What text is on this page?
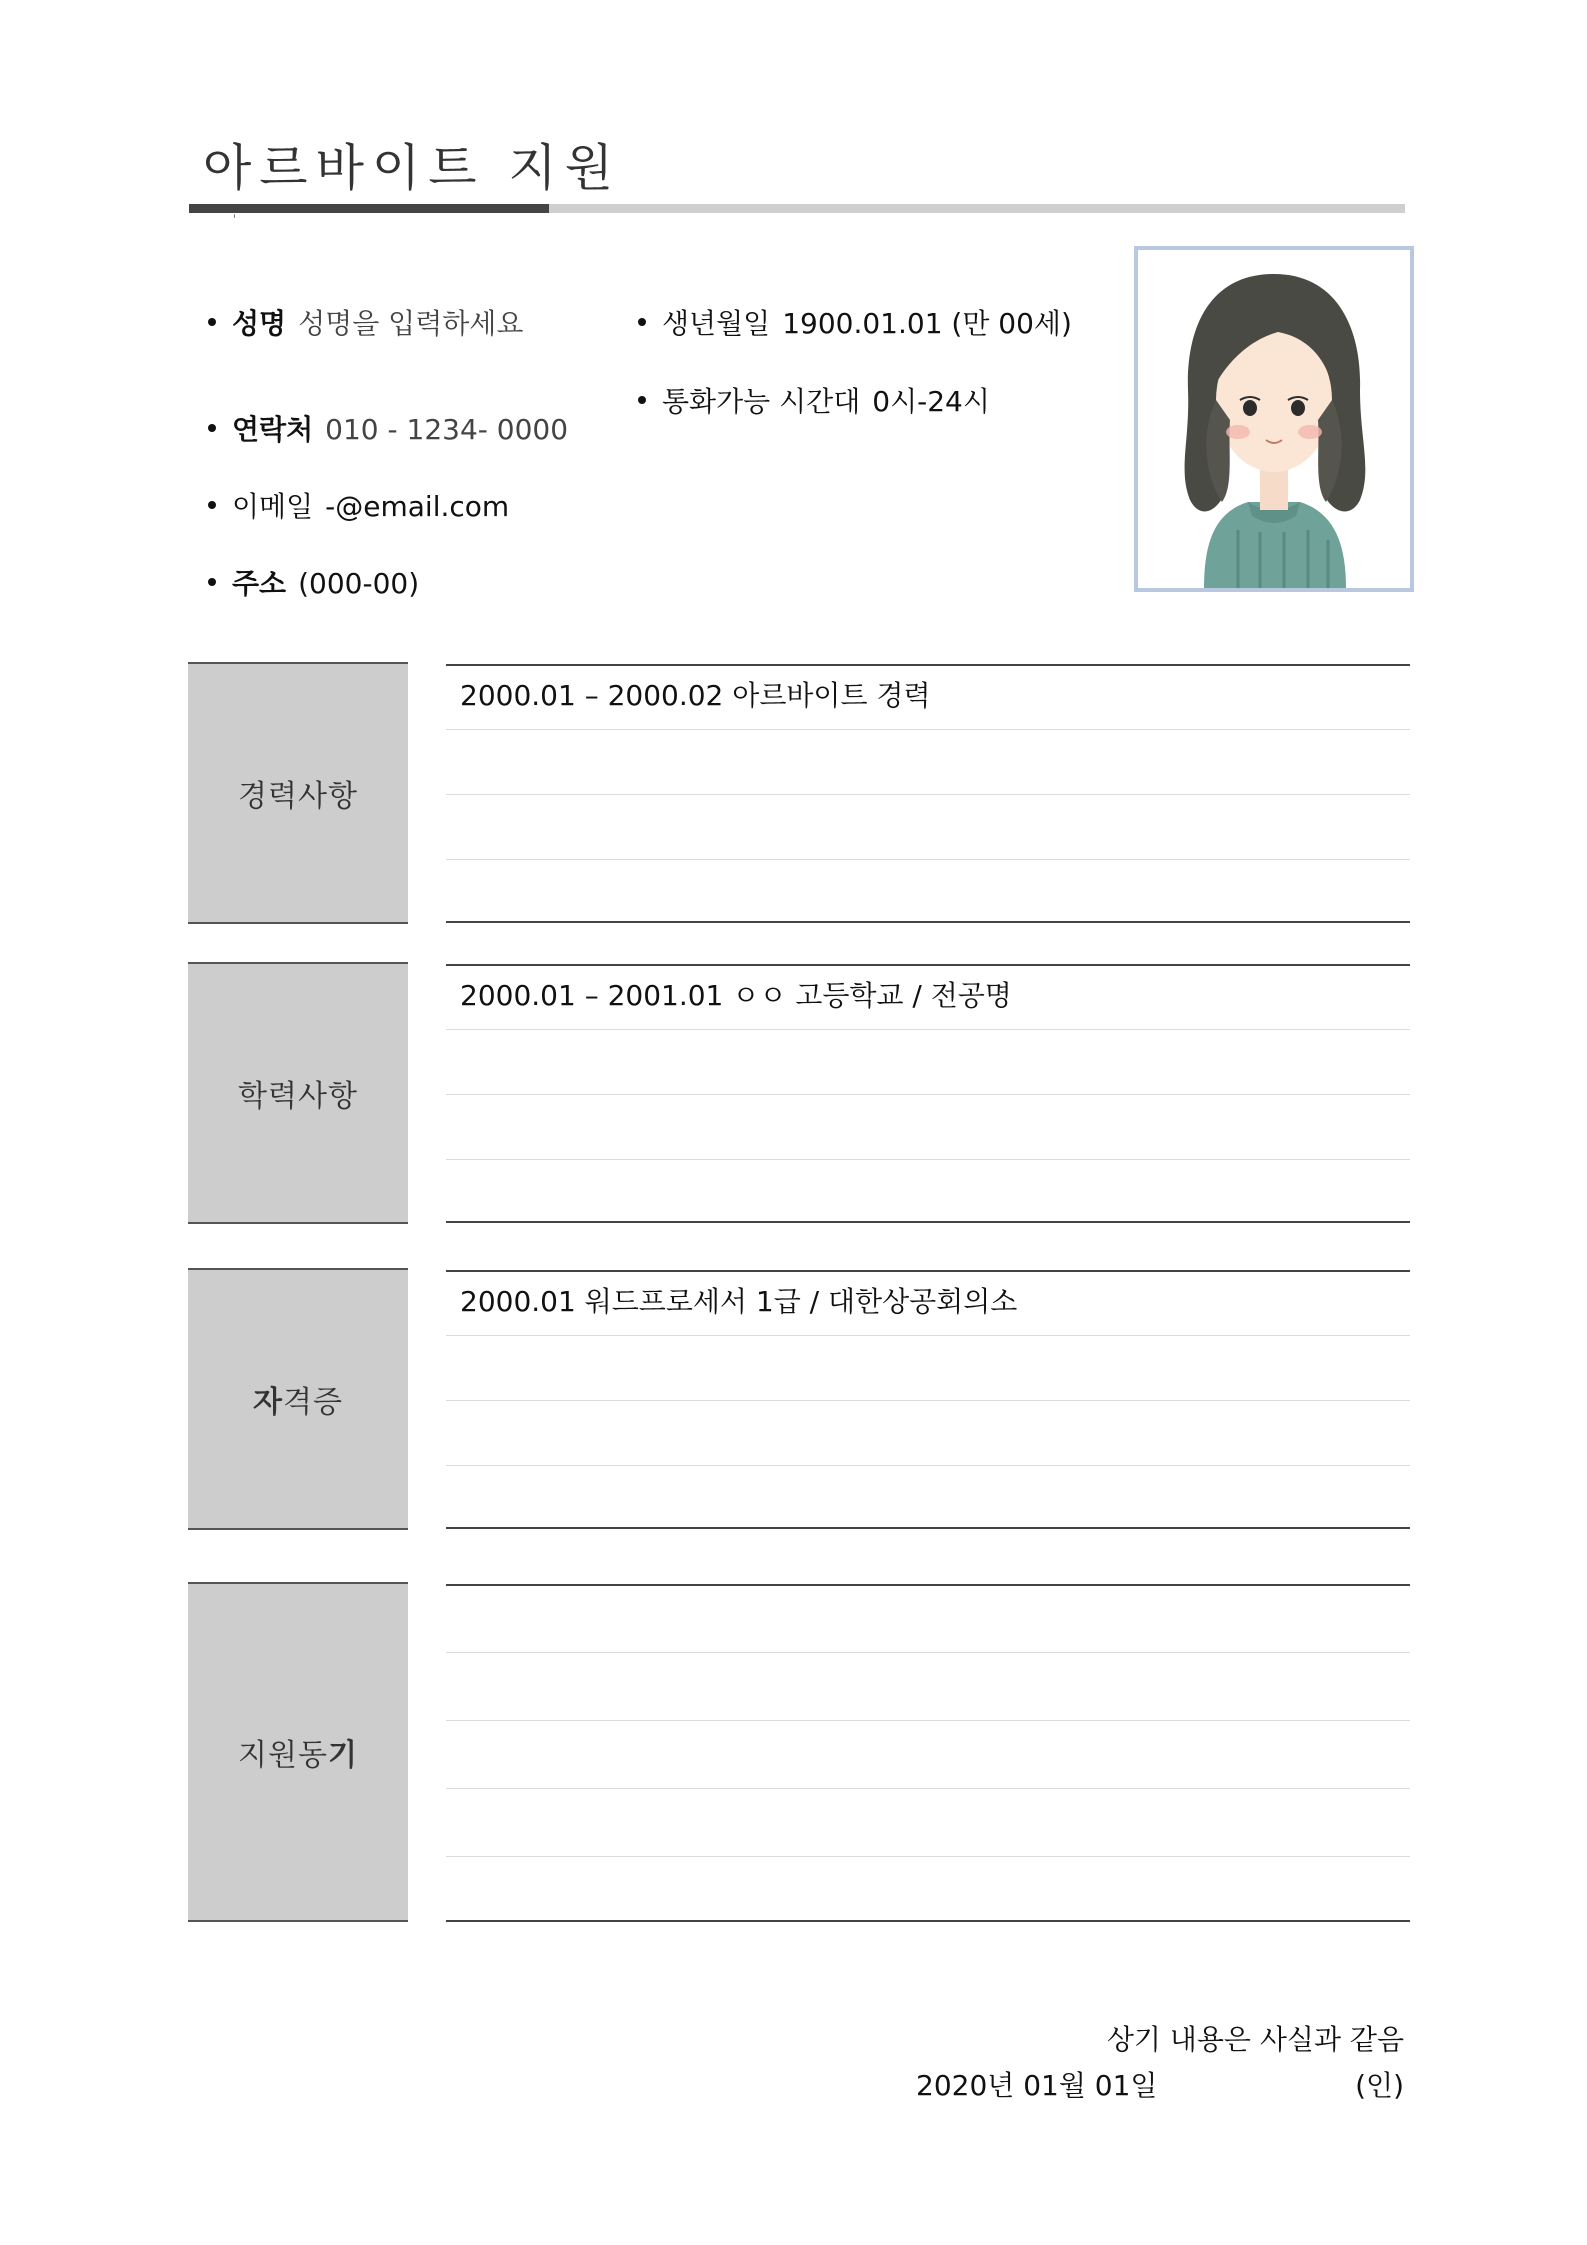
아르바이트 지원
성명 성명을 입력하세요
연락처 010 - 1234- 0000
이메일 -@email.com
주소 (000-00)
생년월일 1900.01.01 (만 00세)
통화가능 시간대 0시-24시
경력사항
2000.01 – 2000.02 아르바이트 경력
학력사항
2000.01 – 2001.01 ㅇㅇ 고등학교 / 전공명
자 격증
2000.01 워드프로세서 1급 / 대한상공회의소
지원동 기
상기 내용은 사실과 같음
2020년 01월 01일	(인)
